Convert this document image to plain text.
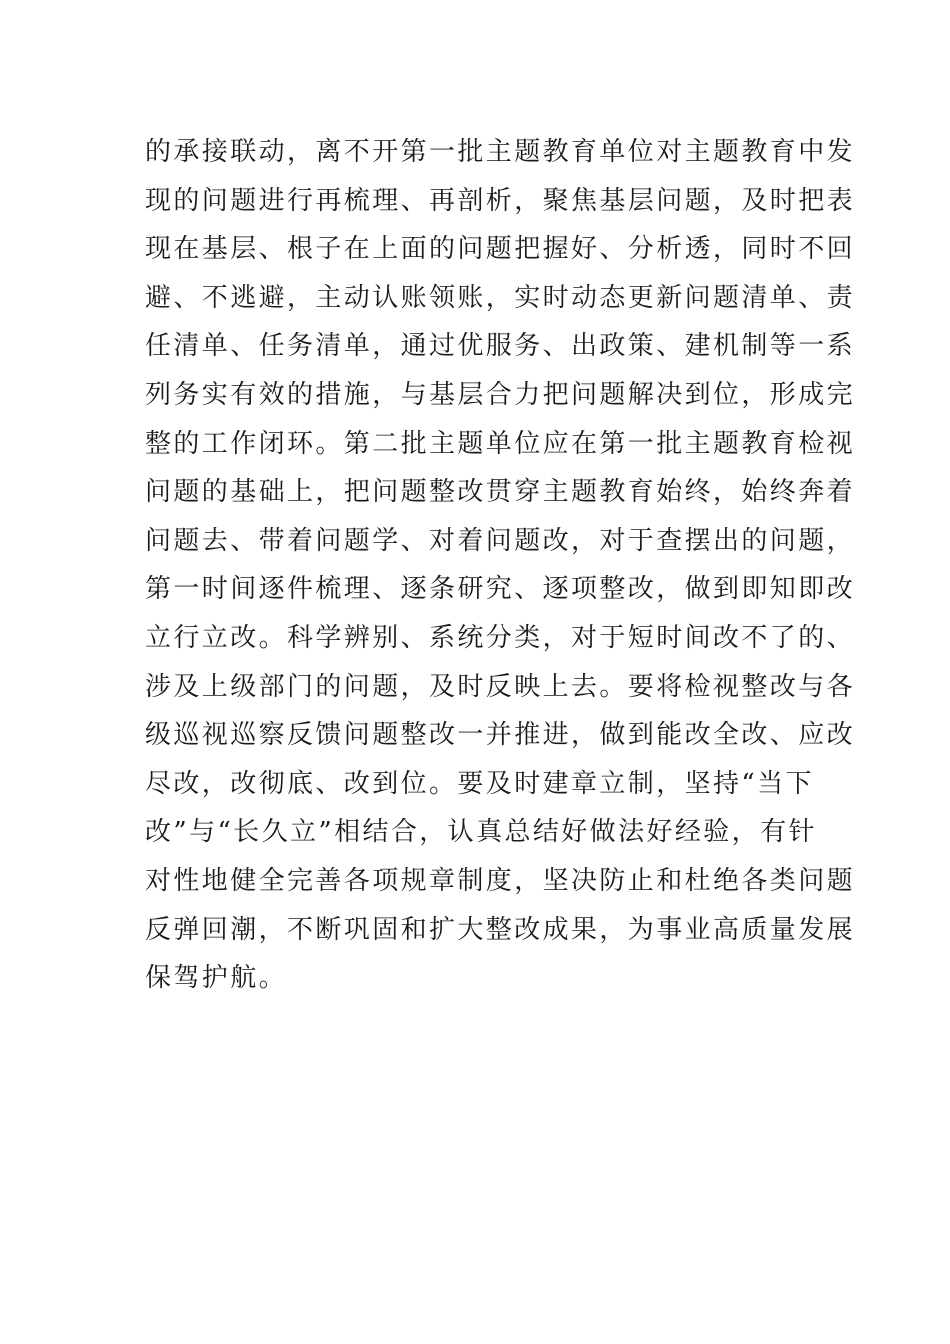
的承接联动，离不开第一批主题教育单位对主题教育中发
现的问题进行再梳理、再剖析，聚焦基层问题，及时把表
现在基层、根子在上面的问题把握好、分析透，同时不回
避、不逃避，主动认账领账，实时动态更新问题清单、责
任清单、任务清单，通过优服务、出政策、建机制等一系
列务实有效的措施，与基层合力把问题解决到位，形成完
整的工作闭环。第二批主题单位应在第一批主题教育检视
问题的基础上，把问题整改贯穿主题教育始终，始终奔着
问题去、带着问题学、对着问题改，对于查摆出的问题，
第一时间逐件梳理、逐条研究、逐项整改，做到即知即改
立行立改。科学辨别、系统分类，对于短时间改不了的、
涉及上级部门的问题，及时反映上去。要将检视整改与各
级巡视巡察反馈问题整改一并推进，做到能改全改、应改
尽改，改彻底、改到位。要及时建章立制，坚持“当下
改”与“长久立”相结合，认真总结好做法好经验，有针
对性地健全完善各项规章制度，坚决防止和杜绝各类问题
反弹回潮，不断巩固和扩大整改成果，为事业高质量发展
保驾护航。
